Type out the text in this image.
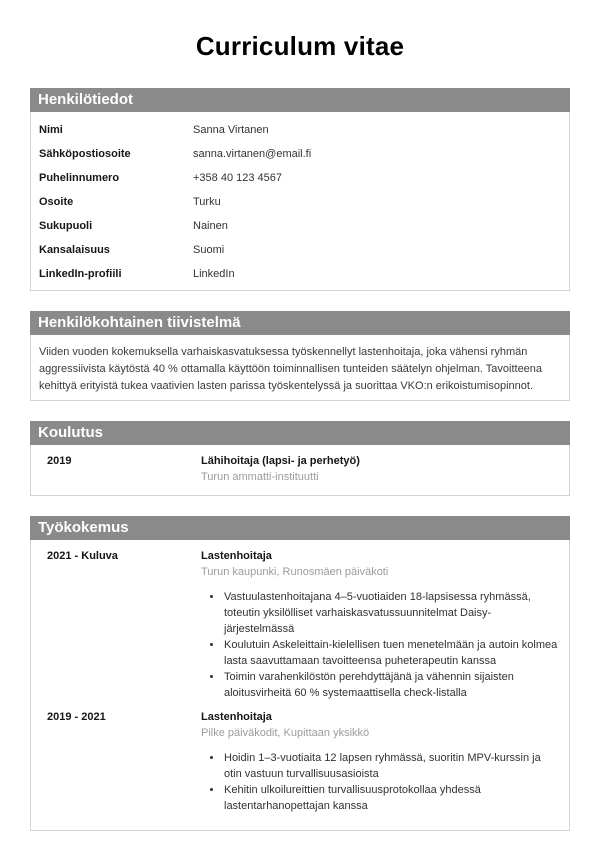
Curriculum vitae
Henkilötiedot
Nimi	Sanna Virtanen
Sähköpostiosoite	sanna.virtanen@email.fi
Puhelinnumero	+358 40 123 4567
Osoite	Turku
Sukupuoli	Nainen
Kansalaisuus	Suomi
LinkedIn-profiili	LinkedIn
Henkilökohtainen tiivistelmä
Viiden vuoden kokemuksella varhaiskasvatuksessa työskennellyt lastenhoitaja, joka vähensi ryhmän aggressiivista käytöstä 40 % ottamalla käyttöön toiminnallisen tunteiden säätelyn ohjelman. Tavoitteena kehittyä erityistä tukea vaativien lasten parissa työskentelyssä ja suorittaa VKO:n erikoistumisopinnot.
Koulutus
2019	Lähihoitaja (lapsi- ja perhetyö)
Turun ammatti-instituutti
Työkokemus
2021 - Kuluva	Lastenhoitaja
Turun kaupunki, Runosmäen päiväkoti
• Vastuulastenhoitajana 4–5-vuotiaiden 18-lapsisessa ryhmässä, toteutin yksilölliset varhaiskasvatussuunnitelmat Daisy-järjestelmässä
• Koulutuin Askeleittain-kielellisen tuen menetelmään ja autoin kolmea lasta saavuttamaan tavoitteensa puheterapeutin kanssa
• Toimin varahenkilöstön perehdyttäjänä ja vähennin sijaisten aloitusvirheitä 60 % systemaattisella check-listalla
2019 - 2021	Lastenhoitaja
Pilke päiväkodit, Kupittaan yksikkö
• Hoidin 1–3-vuotiaita 12 lapsen ryhmässä, suoritin MPV-kurssin ja otin vastuun turvallisuusasioista
• Kehitin ulkoilureittien turvallisuusprotokollaa yhdessä lastentarhanopettajan kanssa
